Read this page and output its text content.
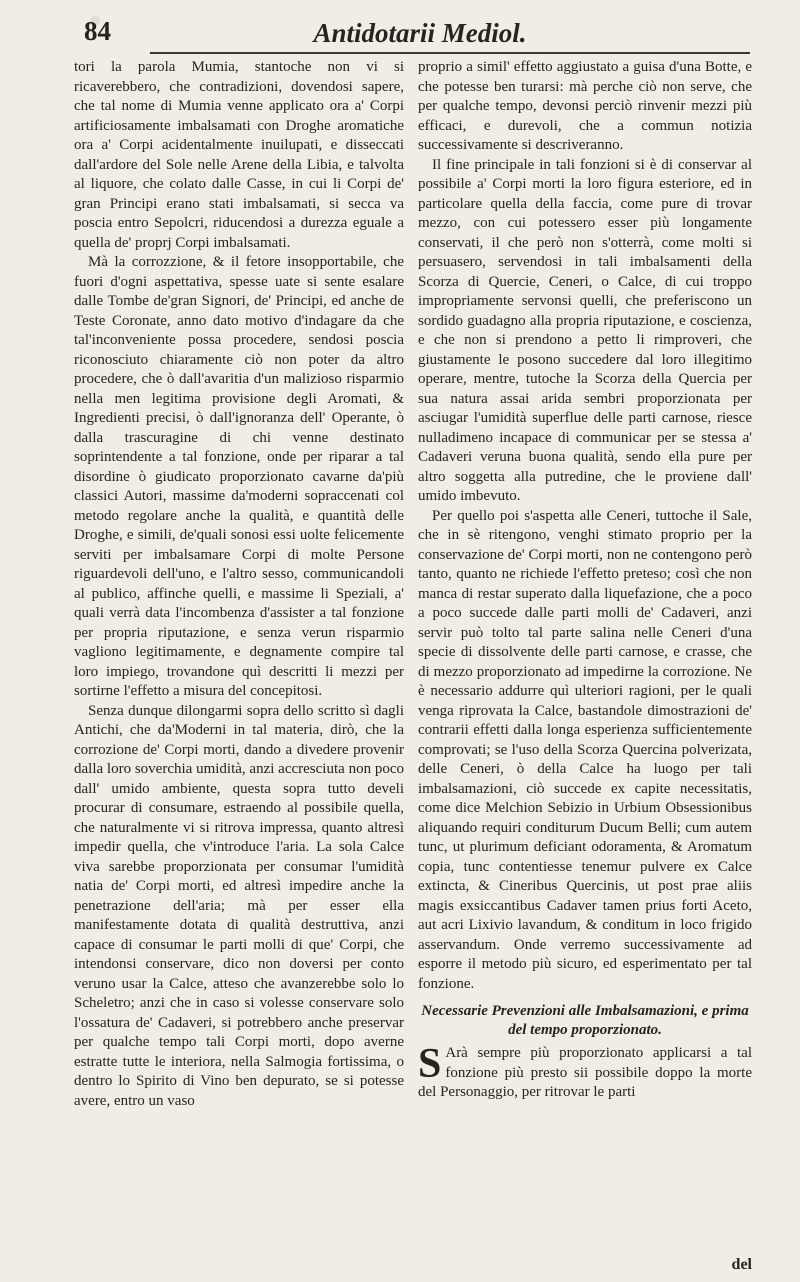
84	Antidotarii Mediol.

tori la parola Mumia, stantoche non vi si ricaverebbero, che contradizioni, dovendosi sapere, che tal nome di Mumia venne applicato ora a' Corpi artificiosamente imbalsamati con Droghe aromatiche ora a' Corpi acidentalmente inuilupati, e disseccati dall'ardore del Sole nelle Arene della Libia, e talvolta al liquore, che colato dalle Casse, in cui li Corpi de' gran Principi erano stati imbalsamati, si secca va poscia entro Sepolcri, riducendosi a durezza eguale a quella de' proprj Corpi imbalsamati.

Mà la corrozzione, & il fetore insopportabile, che fuori d'ogni aspettativa, spesse uate si sente esalare dalle Tombe de'gran Signori, de' Principi, ed anche de Teste Coronate, anno dato motivo d'indagare da che tal'inconveniente possa procedere, sendosi poscia riconosciuto chiaramente ciò non poter da altro procedere, che ò dall'avaritia d'un malizioso risparmio nella men legitima provisione degli Aromati, & Ingredienti precisi, ò dall'ignoranza dell' Operante, ò dalla trascuragine di chi venne destinato soprintendente a tal fonzione, onde per riparar a tal disordine ò giudicato proporzionato cavarne da'più classici Autori, massime da'moderni sopraccenati col metodo regolare anche la qualità, e quantità delle Droghe, e simili, de'quali sonosi essi uolte felicemente serviti per imbalsamare Corpi di molte Persone riguardevoli dell'uno, e l'altro sesso, communicandoli al publico, affinche quelli, e massime li Speziali, a' quali verrà data l'incombenza d'assister a tal fonzione per propria riputazione, e senza verun risparmio vagliono legitimamente, e degnamente compire tal loro impiego, trovandone quì descritti li mezzi per sortirne l'effetto a misura del concepitosi.

Senza dunque dilongarmi sopra dello scritto sì dagli Antichi, che da'Moderni in tal materia, dirò, che la corrozione de' Corpi morti, dando a divedere provenir dalla loro soverchia umidità, anzi accresciuta non poco dall' umido ambiente, questa sopra tutto develi procurar di consumare, estraendo al possibile quella, che naturalmente vi si ritrova impressa, quanto altresì impedir quella, che v'introduce l'aria. La sola Calce viva sarebbe proporzionata per consumar l'umidità natia de' Corpi morti, ed altresì impedire anche la penetrazione dell'aria; mà per esser ella manifestamente dotata di qualità destruttiva, anzi capace di consumar le parti molli di que' Corpi, che intendonsi conservare, dico non doversi per conto veruno usar la Calce, atteso che avanzerebbe solo lo Scheletro; anzi che in caso si volesse conservare solo l'ossatura de' Cadaveri, si potrebbero anche preservar per qualche tempo tali Corpi morti, dopo averne estratte tutte le interiora, nella Salmogia fortissima, o dentro lo Spirito di Vino ben depurato, se si potesse avere, entro un vaso

proprio a simil' effetto aggiustato a guisa d'una Botte, e che potesse ben turarsi: mà perche ciò non serve, che per qualche tempo, devonsi perciò rinvenir mezzi più efficaci, e durevoli, che a commun notizia successivamente si descriveranno.

Il fine principale in tali fonzioni si è di conservar al possibile a' Corpi morti la loro figura esteriore, ed in particolare quella della faccia, come pure di trovar mezzo, con cui potessero esser più longamente conservati, il che però non s'otterrà, come molti si persuasero, servendosi in tali imbalsamenti della Scorza di Quercie, Ceneri, o Calce, di cui troppo impropriamente servonsi quelli, che preferiscono un sordido guadagno alla propria riputazione, e coscienza, e che non si prendono a petto li rimproveri, che giustamente le posono succedere dal loro illegitimo operare, mentre, tutoche la Scorza della Quercia per sua natura assai arida sembri proporzionata per asciugar l'umidità superflue delle parti carnose, riesce nulladimeno incapace di communicar per se stessa a' Cadaveri veruna buona qualità, sendo ella pure per altro soggetta alla putredine, che le proviene dall' umido imbevuto.

Per quello poi s'aspetta alle Ceneri, tuttoche il Sale, che in sè ritengono, venghi stimato proprio per la conservazione de' Corpi morti, non ne contengono però tanto, quanto ne richiede l'effetto preteso; così che non manca di restar superato dalla liquefazione, che a poco a poco succede dalle parti molli de' Cadaveri, anzi servir può tolto tal parte salina nelle Ceneri d'una specie di dissolvente delle parti carnose, e crasse, che di mezzo proporzionato ad impedirne la corrozione. Ne è necessario addurre quì ulteriori ragioni, per le quali venga riprovata la Calce, bastandole dimostrazioni de' contrarii effetti dalla longa esperienza sufficientemente comprovati; se l'uso della Scorza Quercina polverizata, delle Ceneri, ò della Calce ha luogo per tali imbalsamazioni, ciò succede ex capite necessitatis, come dice Melchion Sebizio in Urbium Obsessionibus aliquando requiri conditurum Ducum Belli; cum autem tunc, ut plurimum deficiant odoramenta, & Aromatum copia, tunc contentiesse tenemur pulvere ex Calce extincta, & Cineribus Quercinis, ut post prae aliis magis exsiccantibus Cadaver tamen prius forti Aceto, aut acri Lixivio lavandum, & conditum in loco frigido asservandum. Onde verremo successivamente ad esporre il metodo più sicuro, ed esperimentato per tal fonzione.

Necessarie Prevenzioni alle Imbalsamazioni, e prima del tempo proporzionato.

S Arà sempre più proporzionato applicarsi a tal fonzione più presto sii possibile doppo la morte del Personaggio, per ritrovar le parti

del
